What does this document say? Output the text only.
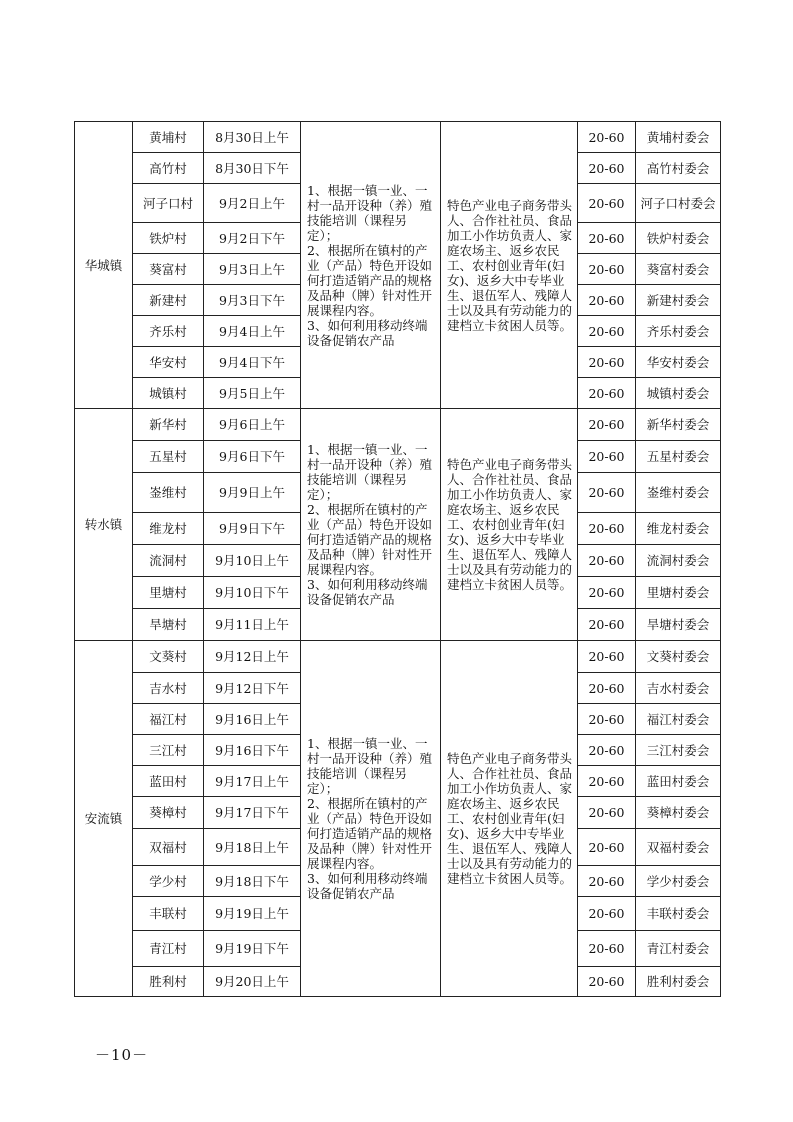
华城镇	黄埔村	8月30日上午	1、根据一镇一业、一村一品开设种（养）殖技能培训（课程另定）；
2、根据所在镇村的产业（产品）特色开设如何打造适销产品的规格及品种（牌）针对性开展课程内容。
3、如何利用移动终端设备促销农产品	特色产业电子商务带头人、合作社社员、食品加工小作坊负责人、家庭农场主、返乡农民工、农村创业青年(妇女)、返乡大中专毕业生、退伍军人、残障人士以及具有劳动能力的建档立卡贫困人员等。	20-60	黄埔村委会
	高竹村	8月30日下午			20-60	高竹村委会
	河子口村	9月2日上午			20-60	河子口村委会
	铁炉村	9月2日下午			20-60	铁炉村委会
	葵富村	9月3日上午			20-60	葵富村委会
	新建村	9月3日下午			20-60	新建村委会
	齐乐村	9月4日上午			20-60	齐乐村委会
	华安村	9月4日下午			20-60	华安村委会
	城镇村	9月5日上午			20-60	城镇村委会
转水镇	新华村	9月6日上午	1、根据一镇一业、一村一品开设种（养）殖技能培训（课程另定）；
2、根据所在镇村的产业（产品）特色开设如何打造适销产品的规格及品种（牌）针对性开展课程内容。
3、如何利用移动终端设备促销农产品	特色产业电子商务带头人、合作社社员、食品加工小作坊负责人、家庭农场主、返乡农民工、农村创业青年(妇女)、返乡大中专毕业生、退伍军人、残障人士以及具有劳动能力的建档立卡贫困人员等。	20-60	新华村委会
	五星村	9月6日下午			20-60	五星村委会
	崟维村	9月9日上午			20-60	崟维村委会
	维龙村	9月9日下午			20-60	维龙村委会
	流洞村	9月10日上午			20-60	流洞村委会
	里塘村	9月10日下午			20-60	里塘村委会
	旱塘村	9月11日上午			20-60	旱塘村委会
安流镇	文葵村	9月12日上午	1、根据一镇一业、一村一品开设种（养）殖技能培训（课程另定）；
2、根据所在镇村的产业（产品）特色开设如何打造适销产品的规格及品种（牌）针对性开展课程内容。
3、如何利用移动终端设备促销农产品	特色产业电子商务带头人、合作社社员、食品加工小作坊负责人、家庭农场主、返乡农民工、农村创业青年(妇女)、返乡大中专毕业生、退伍军人、残障人士以及具有劳动能力的建档立卡贫困人员等。	20-60	文葵村委会
	吉水村	9月12日下午			20-60	吉水村委会
	福江村	9月16日上午			20-60	福江村委会
	三江村	9月16日下午			20-60	三江村委会
	蓝田村	9月17日上午			20-60	蓝田村委会
	葵樟村	9月17日下午			20-60	葵樟村委会
	双福村	9月18日上午			20-60	双福村委会
	学少村	9月18日下午			20-60	学少村委会
	丰联村	9月19日上午			20-60	丰联村委会
	青江村	9月19日下午			20-60	青江村委会
	胜利村	9月20日上午			20-60	胜利村委会
－10－
